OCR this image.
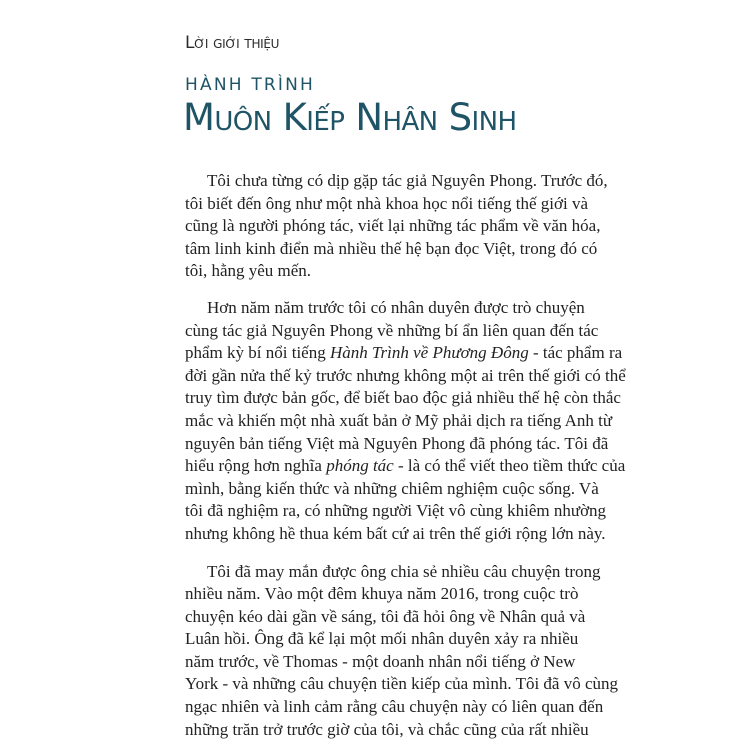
Lời giới thiệu
HÀNH TRÌNH
Muôn Kiếp Nhân Sinh
Tôi chưa từng có dịp gặp tác giả Nguyên Phong. Trước đó,
tôi biết đến ông như một nhà khoa học nổi tiếng thế giới và
cũng là người phóng tác, viết lại những tác phẩm về văn hóa,
tâm linh kinh điển mà nhiều thế hệ bạn đọc Việt, trong đó có
tôi, hằng yêu mến.
Hơn năm năm trước tôi có nhân duyên được trò chuyện
cùng tác giả Nguyên Phong về những bí ẩn liên quan đến tác
phẩm kỳ bí nổi tiếng Hành Trình về Phương Đông - tác phẩm ra
đời gần nửa thế kỷ trước nhưng không một ai trên thế giới có thể
truy tìm được bản gốc, để biết bao độc giả nhiều thế hệ còn thắc
mắc và khiến một nhà xuất bản ở Mỹ phải dịch ra tiếng Anh từ
nguyên bản tiếng Việt mà Nguyên Phong đã phóng tác. Tôi đã
hiểu rộng hơn nghĩa phóng tác - là có thể viết theo tiềm thức của
mình, bằng kiến thức và những chiêm nghiệm cuộc sống. Và
tôi đã nghiệm ra, có những người Việt vô cùng khiêm nhường
nhưng không hề thua kém bất cứ ai trên thế giới rộng lớn này.
Tôi đã may mắn được ông chia sẻ nhiều câu chuyện trong
nhiều năm. Vào một đêm khuya năm 2016, trong cuộc trò
chuyện kéo dài gần về sáng, tôi đã hỏi ông về Nhân quả và
Luân hồi. Ông đã kể lại một mối nhân duyên xảy ra nhiều
năm trước, về Thomas - một doanh nhân nổi tiếng ở New
York - và những câu chuyện tiền kiếp của mình. Tôi đã vô cùng
ngạc nhiên và linh cảm rằng câu chuyện này có liên quan đến
những trăn trở trước giờ của tôi, và chắc cũng của rất nhiều
